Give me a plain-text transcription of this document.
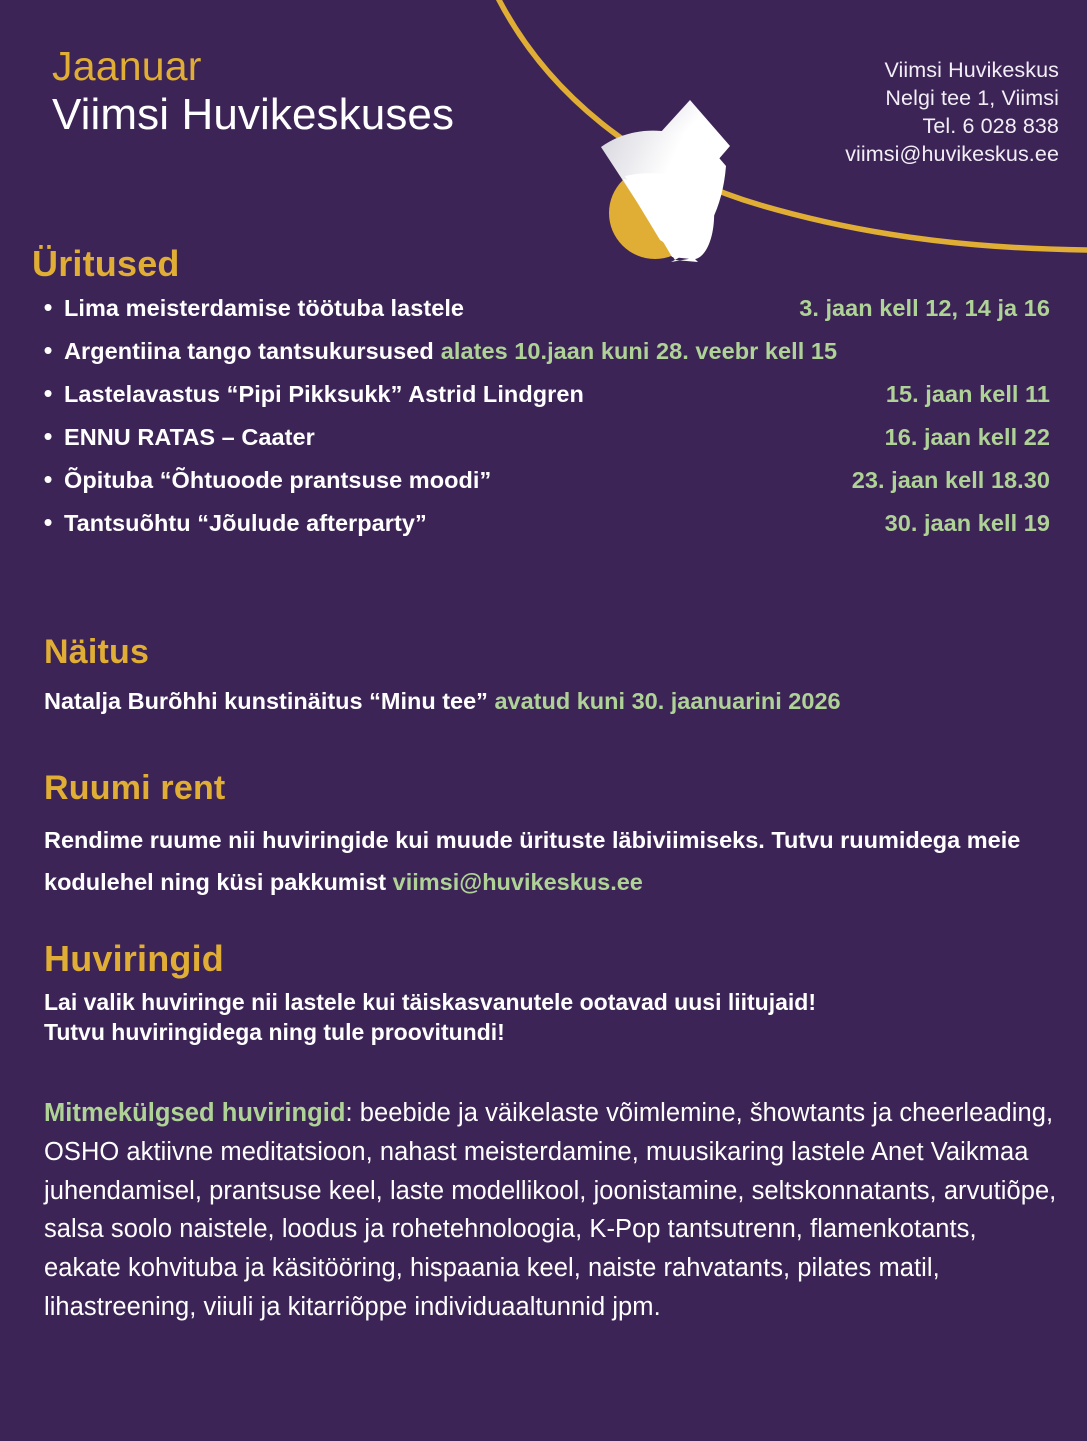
Jaanuar
Viimsi Huvikeskuses
Viimsi Huvikeskus
Nelgi tee 1, Viimsi
Tel. 6 028 838
viimsi@huvikeskus.ee
Üritused
• Lima meisterdamise töötuba lastele	3. jaan kell 12, 14 ja 16
• Argentiina tango tantsukursused alates 10.jaan kuni 28. veebr kell 15
• Lastelavastus “Pipi Pikksukk” Astrid Lindgren	15. jaan kell 11
• ENNU RATAS – Caater	16. jaan kell 22
• Õpituba “Õhtuoode prantsuse moodi”	23. jaan kell 18.30
• Tantsuõhtu “Jõulude afterparty”	30. jaan kell 19
Näitus
Natalja Burõhhi kunstinäitus “Minu tee” avatud kuni 30. jaanuarini 2026
Ruumi rent
Rendime ruume nii huviringide kui muude ürituste läbiviimiseks. Tutvu ruumidega meie kodulehel ning küsi pakkumist viimsi@huvikeskus.ee
Huviringid
Lai valik huviringe nii lastele kui täiskasvanutele ootavad uusi liitujaid!
Tutvu huviringidega ning tule proovitundi!
Mitmekülgsed huviringid: beebide ja väikelaste võimlemine, šhowtants ja cheerleading, OSHO aktiivne meditatsioon, nahast meisterdamine, muusikaring lastele Anet Vaikmaa juhendamisel, prantsuse keel, laste modellikool, joonistamine, seltskonnatants, arvutiõpe, salsa soolo naistele, loodus ja rohetehnoloogia, K-Pop tantsutrenn, flamenkotants, eakate kohvituba ja käsitööring, hispaania keel, naiste rahvatants, pilates matil, lihastreening, viiuli ja kitarriõppe individuaaltunnid jpm.
